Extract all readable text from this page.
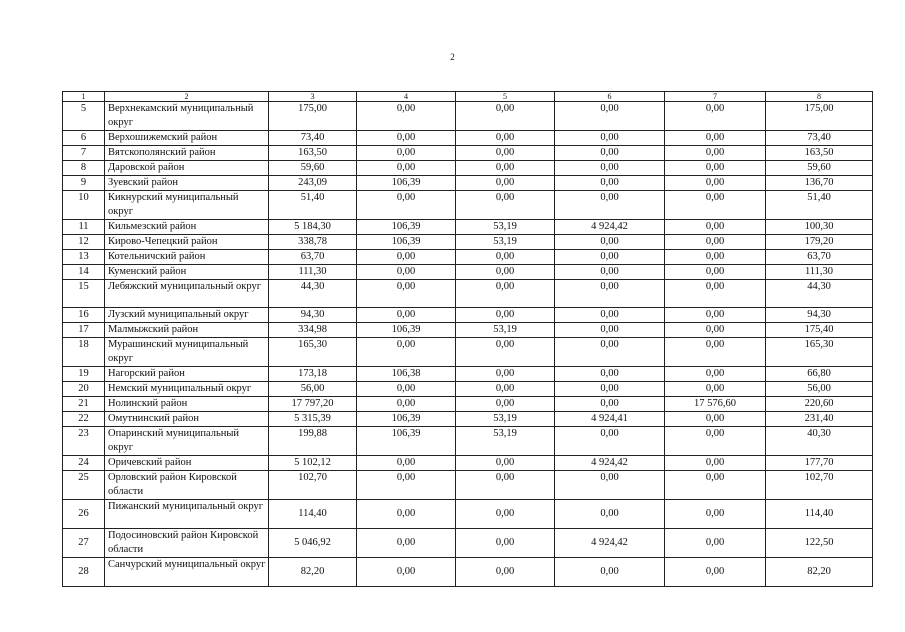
2
1	2	3	4	5	6	7	8
5	Верхнекамский муниципальный округ	175,00	0,00	0,00	0,00	0,00	175,00
6	Верхошижемский район	73,40	0,00	0,00	0,00	0,00	73,40
7	Вятскополянский район	163,50	0,00	0,00	0,00	0,00	163,50
8	Даровской район	59,60	0,00	0,00	0,00	0,00	59,60
9	Зуевский район	243,09	106,39	0,00	0,00	0,00	136,70
10	Кикнурский муниципальный округ	51,40	0,00	0,00	0,00	0,00	51,40
11	Кильмезский район	5 184,30	106,39	53,19	4 924,42	0,00	100,30
12	Кирово-Чепецкий район	338,78	106,39	53,19	0,00	0,00	179,20
13	Котельничский район	63,70	0,00	0,00	0,00	0,00	63,70
14	Куменский район	111,30	0,00	0,00	0,00	0,00	111,30
15	Лебяжский муниципальный округ	44,30	0,00	0,00	0,00	0,00	44,30
16	Лузский муниципальный округ	94,30	0,00	0,00	0,00	0,00	94,30
17	Малмыжский район	334,98	106,39	53,19	0,00	0,00	175,40
18	Мурашинский муниципальный округ	165,30	0,00	0,00	0,00	0,00	165,30
19	Нагорский район	173,18	106,38	0,00	0,00	0,00	66,80
20	Немский муниципальный округ	56,00	0,00	0,00	0,00	0,00	56,00
21	Нолинский район	17 797,20	0,00	0,00	0,00	17 576,60	220,60
22	Омутнинский район	5 315,39	106,39	53,19	4 924,41	0,00	231,40
23	Опаринский муниципальный округ	199,88	106,39	53,19	0,00	0,00	40,30
24	Оричевский район	5 102,12	0,00	0,00	4 924,42	0,00	177,70
25	Орловский район Кировской области	102,70	0,00	0,00	0,00	0,00	102,70
26	Пижанский муниципальный округ	114,40	0,00	0,00	0,00	0,00	114,40
27	Подосиновский район Кировской области	5 046,92	0,00	0,00	4 924,42	0,00	122,50
28	Санчурский муниципальный округ	82,20	0,00	0,00	0,00	0,00	82,20
